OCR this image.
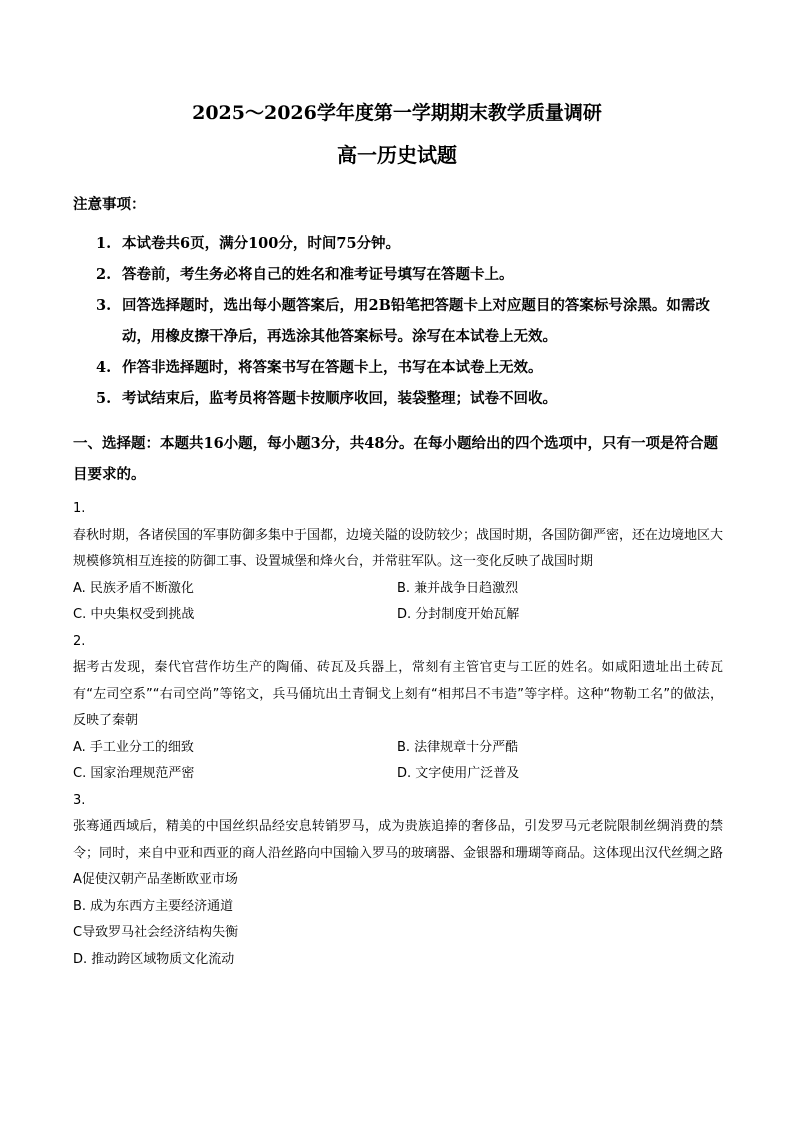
2025～2026学年度第一学期期末教学质量调研
高一历史试题
注意事项：
1. 本试卷共6页，满分100分，时间75分钟。
2. 答卷前，考生务必将自己的姓名和准考证号填写在答题卡上。
3. 回答选择题时，选出每小题答案后，用2B铅笔把答题卡上对应题目的答案标号涂黑。如需改动，用橡皮擦干净后，再选涂其他答案标号。涂写在本试卷上无效。
4. 作答非选择题时，将答案书写在答题卡上，书写在本试卷上无效。
5. 考试结束后，监考员将答题卡按顺序收回，装袋整理；试卷不回收。
一、选择题：本题共16小题，每小题3分，共48分。在每小题给出的四个选项中，只有一项是符合题目要求的。
1.
春秋时期，各诸侯国的军事防御多集中于国都，边境关隘的设防较少；战国时期，各国防御严密，还在边境地区大规模修筑相互连接的防御工事、设置城堡和烽火台，并常驻军队。这一变化反映了战国时期
A. 民族矛盾不断激化	B. 兼并战争日趋激烈
C. 中央集权受到挑战	D. 分封制度开始瓦解
2.
据考古发现，秦代官营作坊生产的陶俑、砖瓦及兵器上，常刻有主管官吏与工匠的姓名。如咸阳遗址出土砖瓦有“左司空系”“右司空尚”等铭文，兵马俑坑出土青铜戈上刻有“相邦吕不韦造”等字样。这种“物勒工名”的做法，反映了秦朝
A. 手工业分工的细致	B. 法律规章十分严酷
C. 国家治理规范严密	D. 文字使用广泛普及
3.
张骞通西域后，精美的中国丝织品经安息转销罗马，成为贵族追捧的奢侈品，引发罗马元老院限制丝绸消费的禁令；同时，来自中亚和西亚的商人沿丝路向中国输入罗马的玻璃器、金银器和珊瑚等商品。这体现出汉代丝绸之路
A促使汉朝产品垄断欧亚市场
B. 成为东西方主要经济通道
C导致罗马社会经济结构失衡
D. 推动跨区域物质文化流动
